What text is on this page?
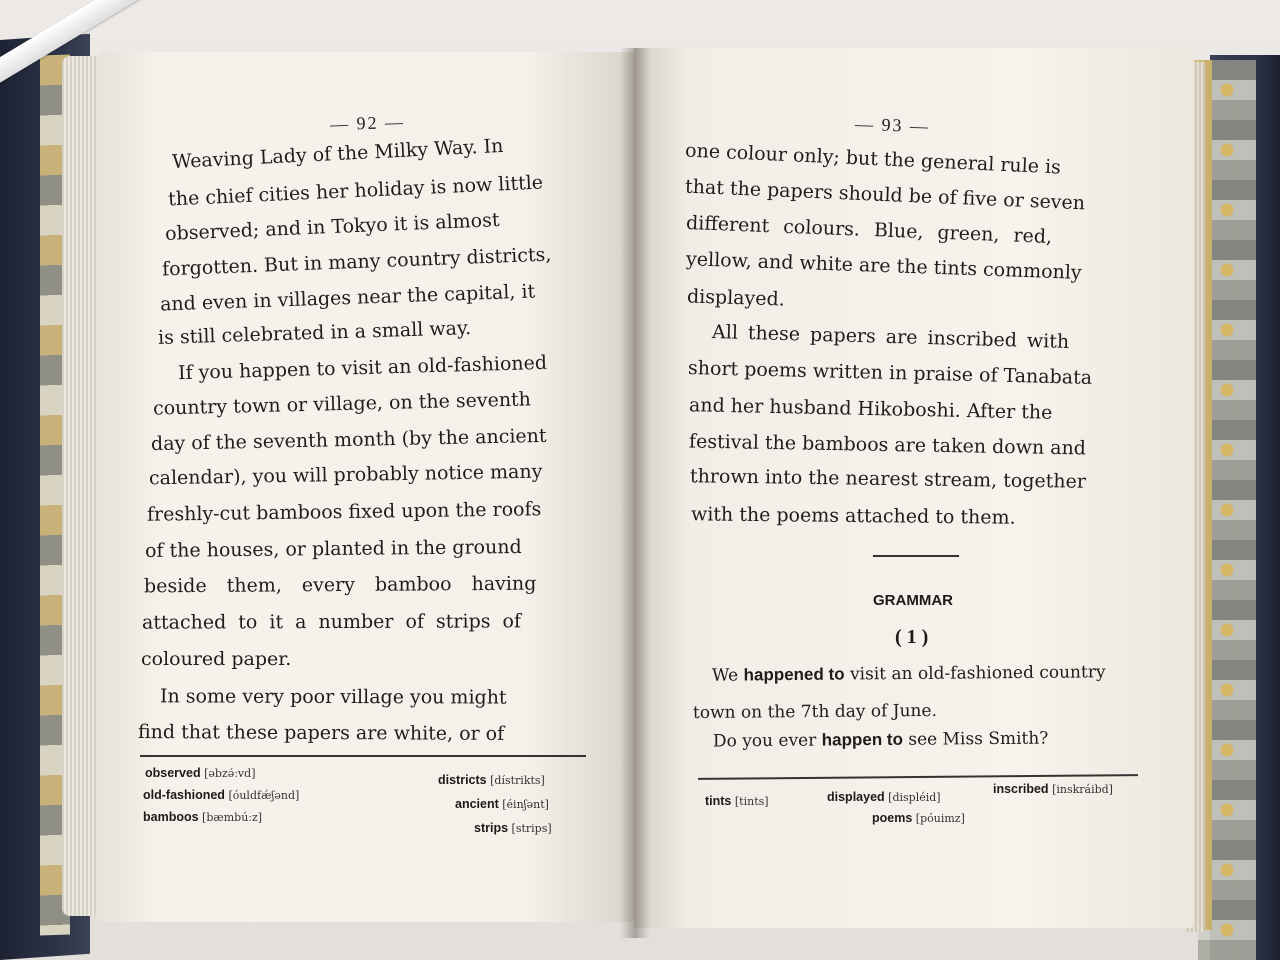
— 92 —
Weaving Lady of the Milky Way. In
the chief cities her holiday is now little
observed; and in Tokyo it is almost
forgotten. But in many country districts,
and even in villages near the capital, it
is still celebrated in a small way.
If you happen to visit an old-fashioned
country town or village, on the seventh
day of the seventh month (by the ancient
calendar), you will probably notice many
freshly-cut bamboos fixed upon the roofs
of the houses, or planted in the ground
beside them, every bamboo having
attached to it a number of strips of
coloured paper.
In some very poor village you might
find that these papers are white, or of
observed [əbzə́ːvd]
old-fashioned [óuldfǽʃənd]
bamboos [bæmbúːz]
districts [dístrikts]
ancient [éinʃənt]
strips [strips]
— 93 —
one colour only; but the general rule is
that the papers should be of five or seven
different colours. Blue, green, red,
yellow, and white are the tints commonly
displayed.
All these papers are inscribed with
short poems written in praise of Tanabata
and her husband Hikoboshi. After the
festival the bamboos are taken down and
thrown into the nearest stream, together
with the poems attached to them.
GRAMMAR
( 1 )
We happened to visit an old-fashioned country
town on the 7th day of June.
Do you ever happen to see Miss Smith?
tints [tints]	displayed [displéid]
inscribed [inskráibd]
poems [póuimz]
